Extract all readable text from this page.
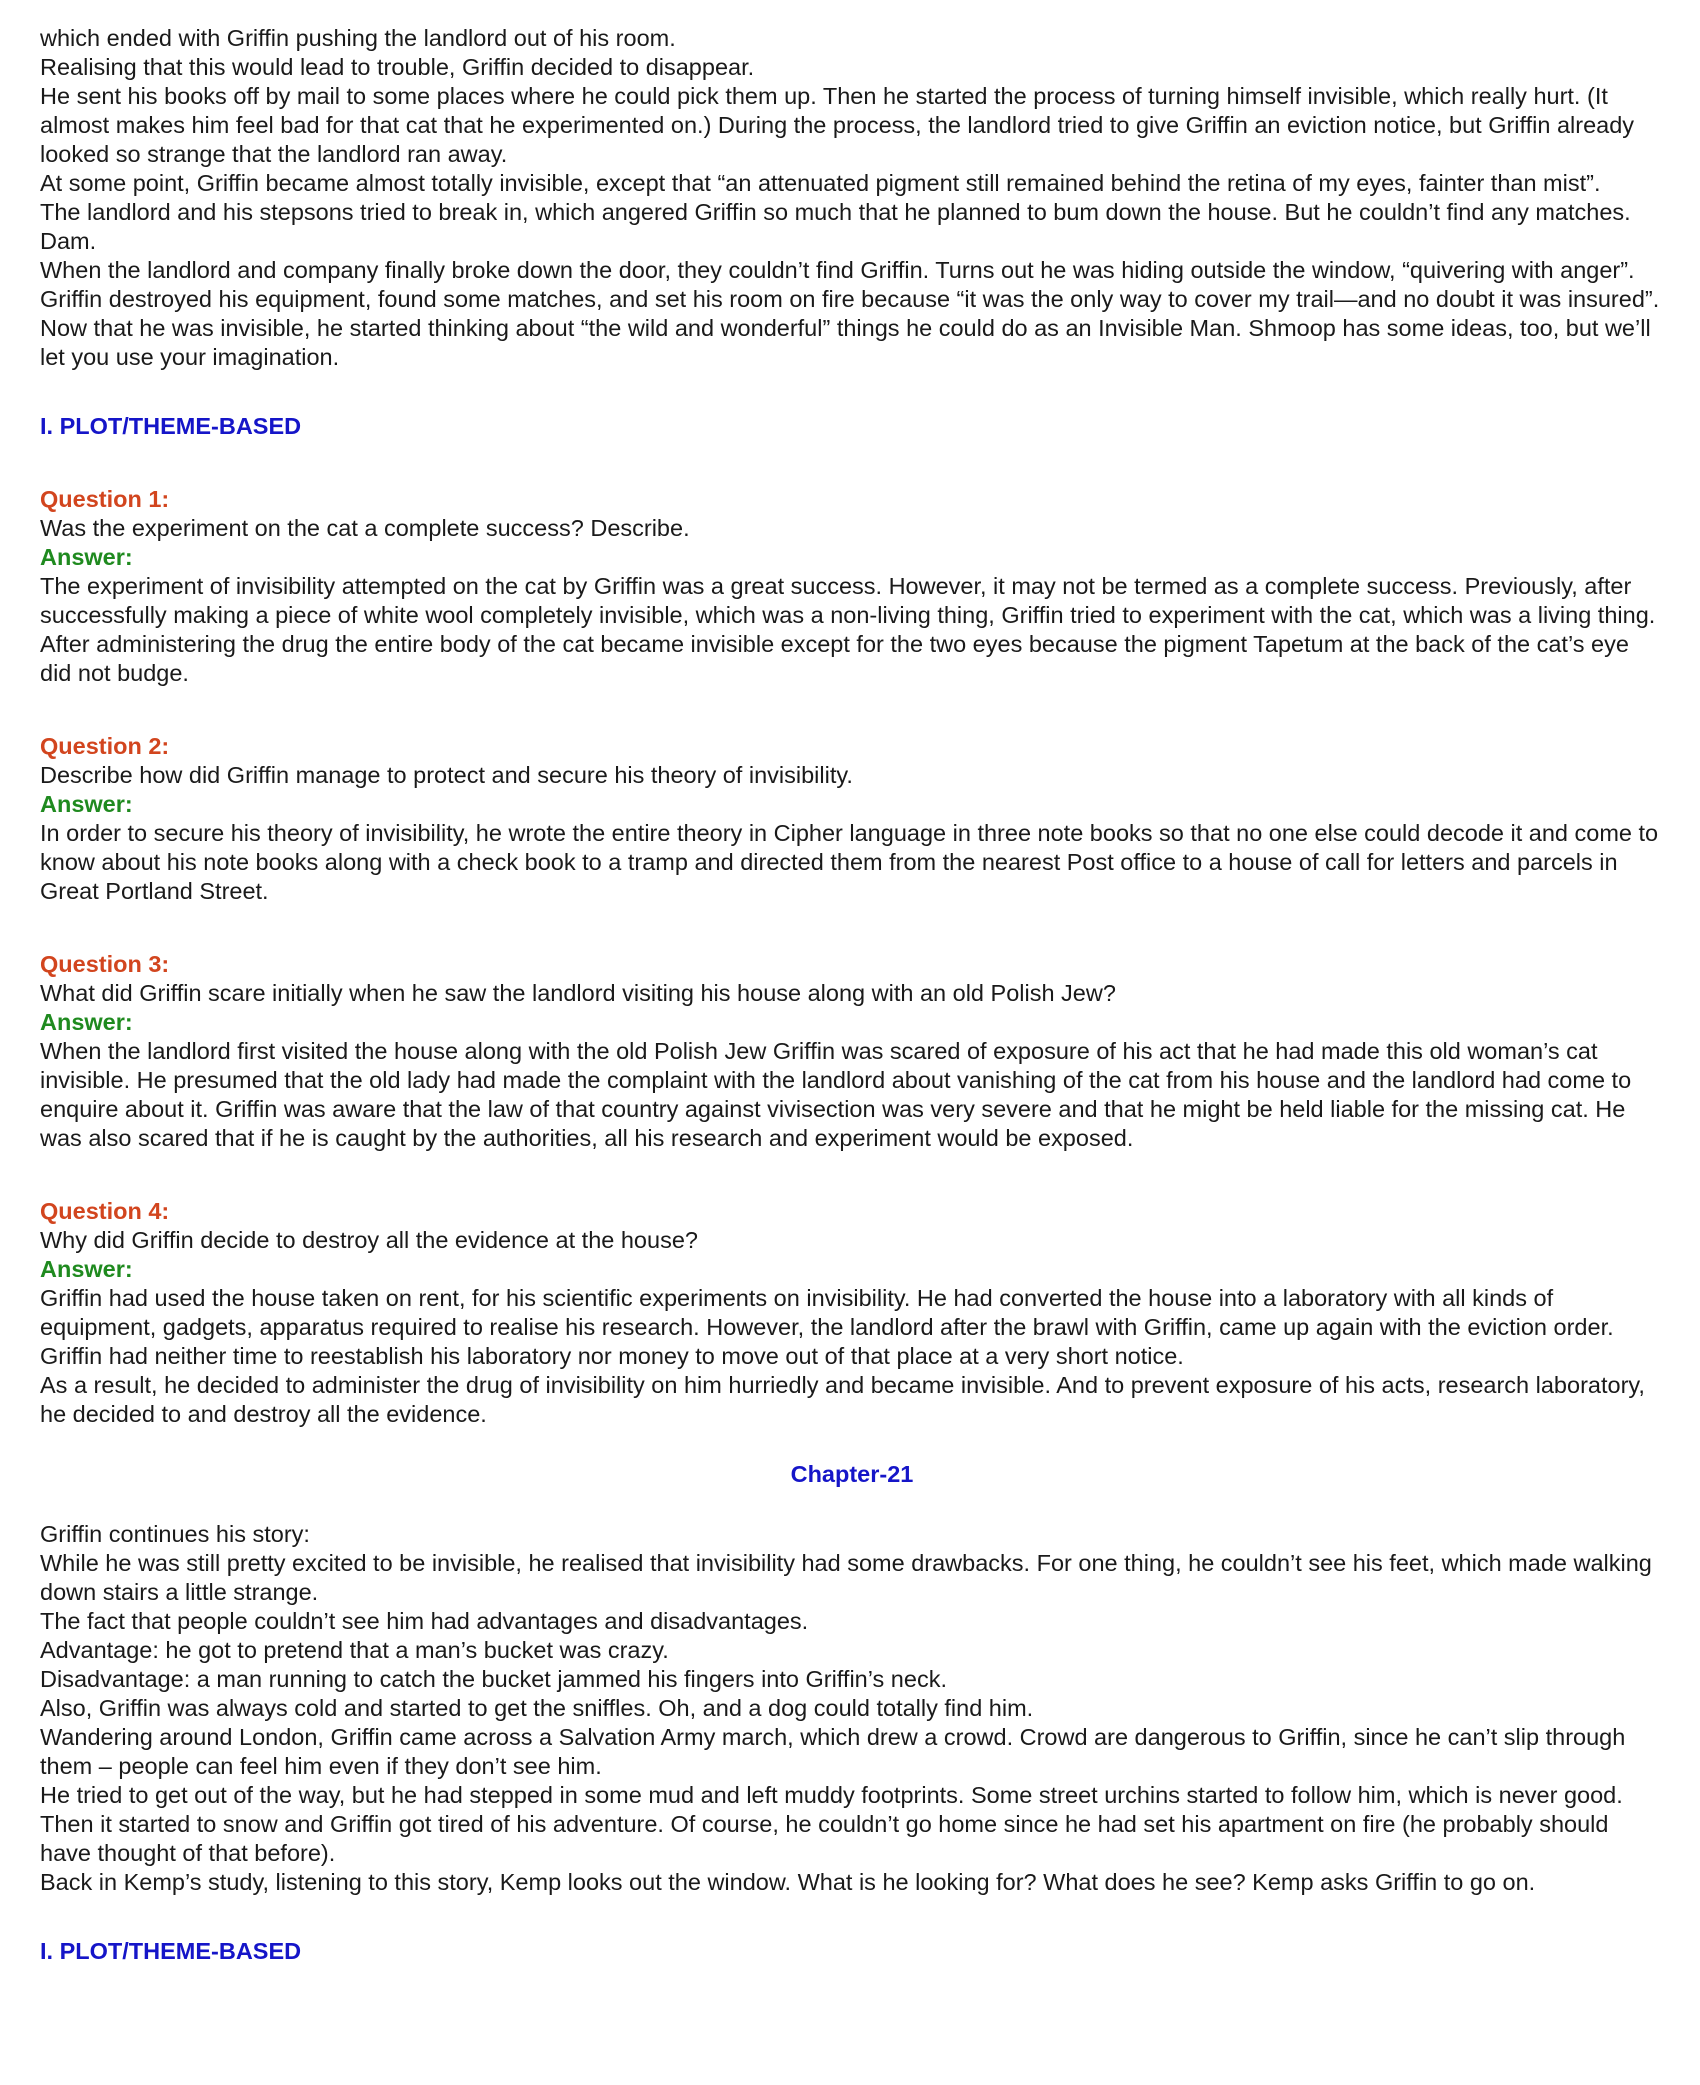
which ended with Griffin pushing the landlord out of his room.

Realising that this would lead to trouble, Griffin decided to disappear.

He sent his books off by mail to some places where he could pick them up. Then he started the process of turning himself invisible, which really hurt. (It almost makes him feel bad for that cat that he experimented on.) During the process, the landlord tried to give Griffin an eviction notice, but Griffin already looked so strange that the landlord ran away.

At some point, Griffin became almost totally invisible, except that “an attenuated pigment still remained behind the retina of my eyes, fainter than mist”.

The landlord and his stepsons tried to break in, which angered Griffin so much that he planned to bum down the house. But he couldn’t find any matches. Dam.

When the landlord and company finally broke down the door, they couldn’t find Griffin. Turns out he was hiding outside the window, “quivering with anger”.

Griffin destroyed his equipment, found some matches, and set his room on fire because “it was the only way to cover my trail—and no doubt it was insured”.

Now that he was invisible, he started thinking about “the wild and wonderful” things he could do as an Invisible Man. Shmoop has some ideas, too, but we’ll let you use your imagination.

I. PLOT/THEME-BASED

Question 1:

Was the experiment on the cat a complete success? Describe.

Answer:

The experiment of invisibility attempted on the cat by Griffin was a great success. However, it may not be termed as a complete success. Previously, after successfully making a piece of white wool completely invisible, which was a non-living thing, Griffin tried to experiment with the cat, which was a living thing. After administering the drug the entire body of the cat became invisible except for the two eyes because the pigment Tapetum at the back of the cat’s eye did not budge.

Question 2:

Describe how did Griffin manage to protect and secure his theory of invisibility.

Answer:

In order to secure his theory of invisibility, he wrote the entire theory in Cipher language in three note books so that no one else could decode it and come to know about his note books along with a check book to a tramp and directed them from the nearest Post office to a house of call for letters and parcels in Great Portland Street.

Question 3:

What did Griffin scare initially when he saw the landlord visiting his house along with an old Polish Jew?

Answer:

When the landlord first visited the house along with the old Polish Jew Griffin was scared of exposure of his act that he had made this old woman’s cat invisible. He presumed that the old lady had made the complaint with the landlord about vanishing of the cat from his house and the landlord had come to enquire about it. Griffin was aware that the law of that country against vivisection was very severe and that he might be held liable for the missing cat. He was also scared that if he is caught by the authorities, all his research and experiment would be exposed.

Question 4:

Why did Griffin decide to destroy all the evidence at the house?

Answer:

Griffin had used the house taken on rent, for his scientific experiments on invisibility. He had converted the house into a laboratory with all kinds of equipment, gadgets, apparatus required to realise his research. However, the landlord after the brawl with Griffin, came up again with the eviction order. Griffin had neither time to reestablish his laboratory nor money to move out of that place at a very short notice.

As a result, he decided to administer the drug of invisibility on him hurriedly and became invisible. And to prevent exposure of his acts, research laboratory, he decided to and destroy all the evidence.

Chapter-21

Griffin continues his story:

While he was still pretty excited to be invisible, he realised that invisibility had some drawbacks. For one thing, he couldn’t see his feet, which made walking down stairs a little strange.

The fact that people couldn’t see him had advantages and disadvantages.

Advantage: he got to pretend that a man’s bucket was crazy.

Disadvantage: a man running to catch the bucket jammed his fingers into Griffin’s neck.

Also, Griffin was always cold and started to get the sniffles. Oh, and a dog could totally find him.

Wandering around London, Griffin came across a Salvation Army march, which drew a crowd. Crowd are dangerous to Griffin, since he can’t slip through them – people can feel him even if they don’t see him.

He tried to get out of the way, but he had stepped in some mud and left muddy footprints. Some street urchins started to follow him, which is never good.

Then it started to snow and Griffin got tired of his adventure. Of course, he couldn’t go home since he had set his apartment on fire (he probably should have thought of that before).

Back in Kemp’s study, listening to this story, Kemp looks out the window. What is he looking for? What does he see? Kemp asks Griffin to go on.

I. PLOT/THEME-BASED
